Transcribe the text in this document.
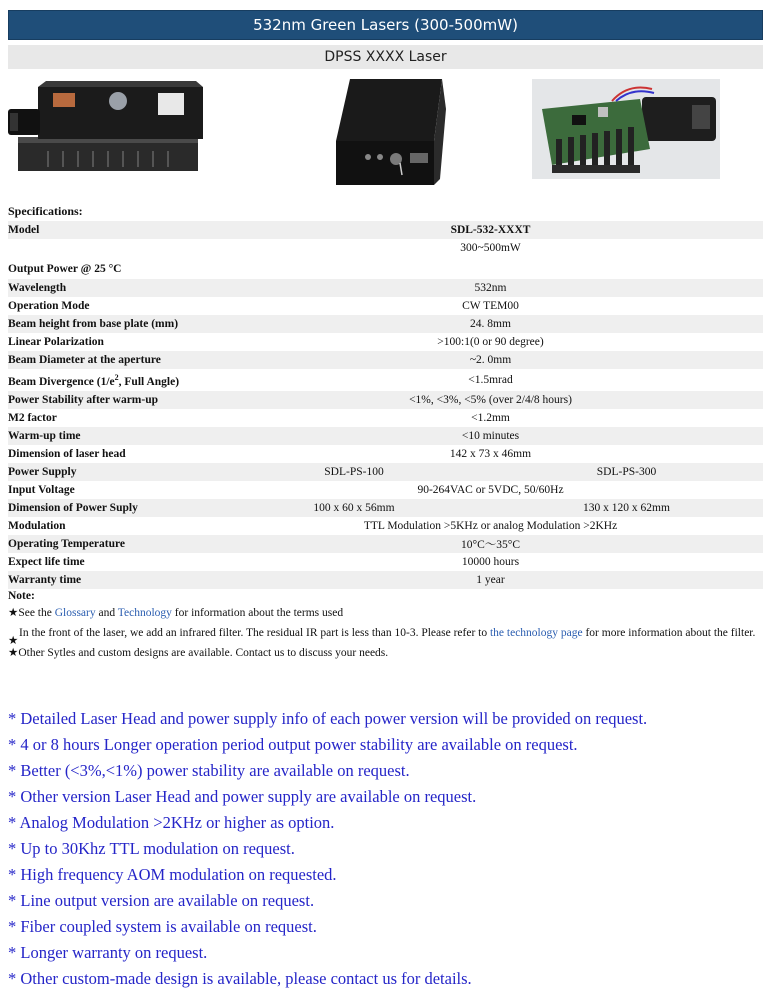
532nm Green Lasers (300-500mW)
DPSS XXXX Laser
Specifications:
Model	SDL-532-XXXT	
Output Power @ 25 °C	300~500mW	
Wavelength	532nm	
Operation Mode	CW TEM00	
Beam height from base plate (mm)	24. 8mm	
Linear Polarization	>100:1(0 or 90 degree)	
Beam Diameter at the aperture	~2. 0mm	
Beam Divergence ($1/e^2$, Full Angle)	<1.5mrad	
Power Stability after warm-up	<1%, <3%, <5% (over 2/4/8 hours)	
M2 factor	<1.2mm	
Warm-up time	<10 minutes	
Dimension of laser head	142 x 73 x 46mm	
Power Supply	SDL-PS-100	SDL-PS-300
Input Voltage	90-264VAC or 5VDC, 50/60Hz	
Dimension of Power Suply	100 x 60 x 56mm	130 x 120 x 62mm
Modulation	TTL Modulation >5KHz or analog Modulation >2KHz	
Operating Temperature	10°C～35°C	
Expect life time	10000 hours	
Warranty time	1 year	
Note:
★See the Glossary and Technology for information about the terms used
★
In the front of the laser, we add an infrared filter. The residual IR part is less than 10-3. Please refer to the technology page for more information about the filter.
★Other Sytles and custom designs are available. Contact us to discuss your needs.
* Detailed Laser Head and power supply info of each power version will be provided on request.
* 4 or 8 hours Longer operation period output power stability are available on request.
* Better (<3%,<1%) power stability are available on request.
* Other version Laser Head and power supply are available on request.
* Analog Modulation >2KHz or higher as option.
* Up to 30Khz TTL modulation on request.
* High frequency AOM modulation on requested.
* Line output version are available on request.
* Fiber coupled system is available on request.
* Longer warranty on request.
* Other custom-made design is available, please contact us for details.
